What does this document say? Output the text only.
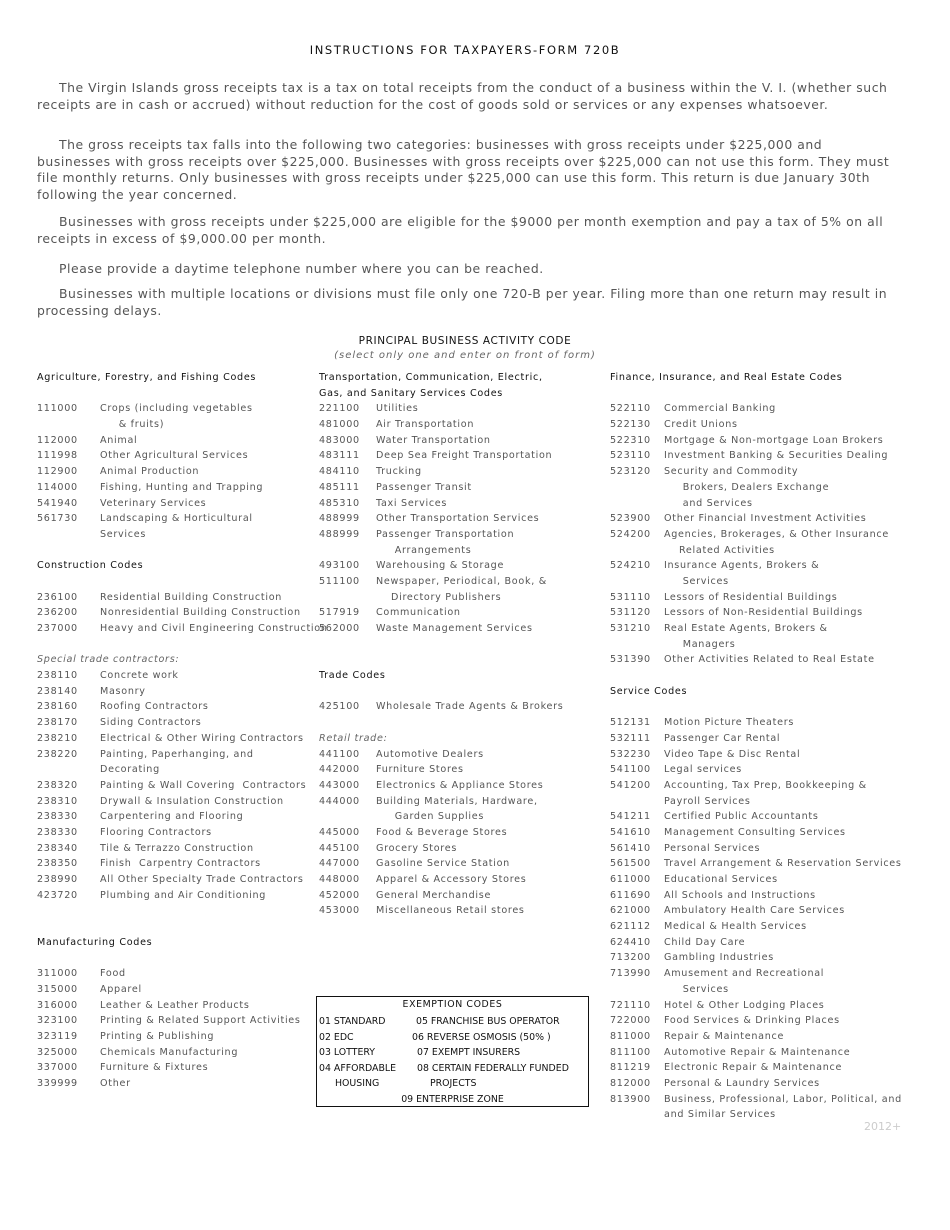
INSTRUCTIONS FOR TAXPAYERS-FORM 720B

The Virgin Islands gross receipts tax is a tax on total receipts from the conduct of a business within the V. I. (whether such receipts are in cash or accrued) without reduction for the cost of goods sold or services or any expenses whatsoever.

The gross receipts tax falls into the following two categories: businesses with gross receipts under $225,000 and businesses with gross receipts over $225,000. Businesses with gross receipts over $225,000 can not use this form. They must file monthly returns. Only businesses with gross receipts under $225,000 can use this form. This return is due January 30th following the year concerned.

Businesses with gross receipts under $225,000 are eligible for the $9000 per month exemption and pay a tax of 5% on all receipts in excess of $9,000.00 per month.

Please provide a daytime telephone number where you can be reached.

Businesses with multiple locations or divisions must file only one 720-B per year. Filing more than one return may result in processing delays.

PRINCIPAL BUSINESS ACTIVITY CODE
(select only one and enter on front of form)
Agriculture, Forestry, and Fishing Codes
111000 Crops (including vegetables
& fruits)
112000 Animal
111998 Other Agricultural Services
112900 Animal Production
114000 Fishing, Hunting and Trapping
541940 Veterinary Services
561730 Landscaping & Horticultural
Services
Construction Codes
236100 Residential Building Construction
236200 Nonresidential Building Construction
237000 Heavy and Civil Engineering Construction
Special trade contractors:
238110 Concrete work
238140 Masonry
238160 Roofing Contractors
238170 Siding Contractors
238210 Electrical & Other Wiring Contractors
238220 Painting, Paperhanging, and
Decorating
238320 Painting & Wall Covering  Contractors
238310 Drywall & Insulation Construction
238330 Carpentering and Flooring
238330 Flooring Contractors
238340 Tile & Terrazzo Construction
238350 Finish  Carpentry Contractors
238990 All Other Specialty Trade Contractors
423720 Plumbing and Air Conditioning
Manufacturing Codes
311000 Food
315000 Apparel
316000 Leather & Leather Products
323100 Printing & Related Support Activities
323119 Printing & Publishing
325000 Chemicals Manufacturing
337000 Furniture & Fixtures
339999 Other
Transportation, Communication, Electric,
Gas, and Sanitary Services Codes
221100 Utilities
481000 Air Transportation
483000 Water Transportation
483111 Deep Sea Freight Transportation
484110 Trucking
485111 Passenger Transit
485310 Taxi Services
488999 Other Transportation Services
488999 Passenger Transportation
Arrangements
493100 Warehousing & Storage
511100 Newspaper, Periodical, Book, &
Directory Publishers
517919 Communication
562000 Waste Management Services
Trade Codes
425100 Wholesale Trade Agents & Brokers
Retail trade:
441100 Automotive Dealers
442000 Furniture Stores
443000 Electronics & Appliance Stores
444000 Building Materials, Hardware,
Garden Supplies
445000 Food & Beverage Stores
445100 Grocery Stores
447000 Gasoline Service Station
448000 Apparel & Accessory Stores
452000 General Merchandise
453000 Miscellaneous Retail stores
Finance, Insurance, and Real Estate Codes
522110 Commercial Banking
522130 Credit Unions
522310 Mortgage & Non-mortgage Loan Brokers
523110 Investment Banking & Securities Dealing
523120 Security and Commodity
Brokers, Dealers Exchange
and Services
523900 Other Financial Investment Activities
524200 Agencies, Brokerages, & Other Insurance
Related Activities
524210 Insurance Agents, Brokers &
Services
531110 Lessors of Residential Buildings
531120 Lessors of Non-Residential Buildings
531210 Real Estate Agents, Brokers &
Managers
531390 Other Activities Related to Real Estate
Service Codes
512131 Motion Picture Theaters
532111 Passenger Car Rental
532230 Video Tape & Disc Rental
541100 Legal services
541200 Accounting, Tax Prep, Bookkeeping &
Payroll Services
541211 Certified Public Accountants
541610 Management Consulting Services
561410 Personal Services
561500 Travel Arrangement & Reservation Services
611000 Educational Services
611690 All Schools and Instructions
621000 Ambulatory Health Care Services
621112 Medical & Health Services
624410 Child Day Care
713200 Gambling Industries
713990 Amusement and Recreational
Services
721110 Hotel & Other Lodging Places
722000 Food Services & Drinking Places
811000 Repair & Maintenance
811100 Automotive Repair & Maintenance
811219 Electronic Repair & Maintenance
812000 Personal & Laundry Services
813900 Business, Professional, Labor, Political, and
and Similar Services
EXEMPTION CODES
01 STANDARD	05 FRANCHISE BUS OPERATOR
02 EDC	06 REVERSE OSMOSIS (50% )
03 LOTTERY	07 EXEMPT INSURERS
04 AFFORDABLE 08 CERTAIN FEDERALLY FUNDED
HOUSING	PROJECTS
09 ENTERPRISE ZONE
2012+
